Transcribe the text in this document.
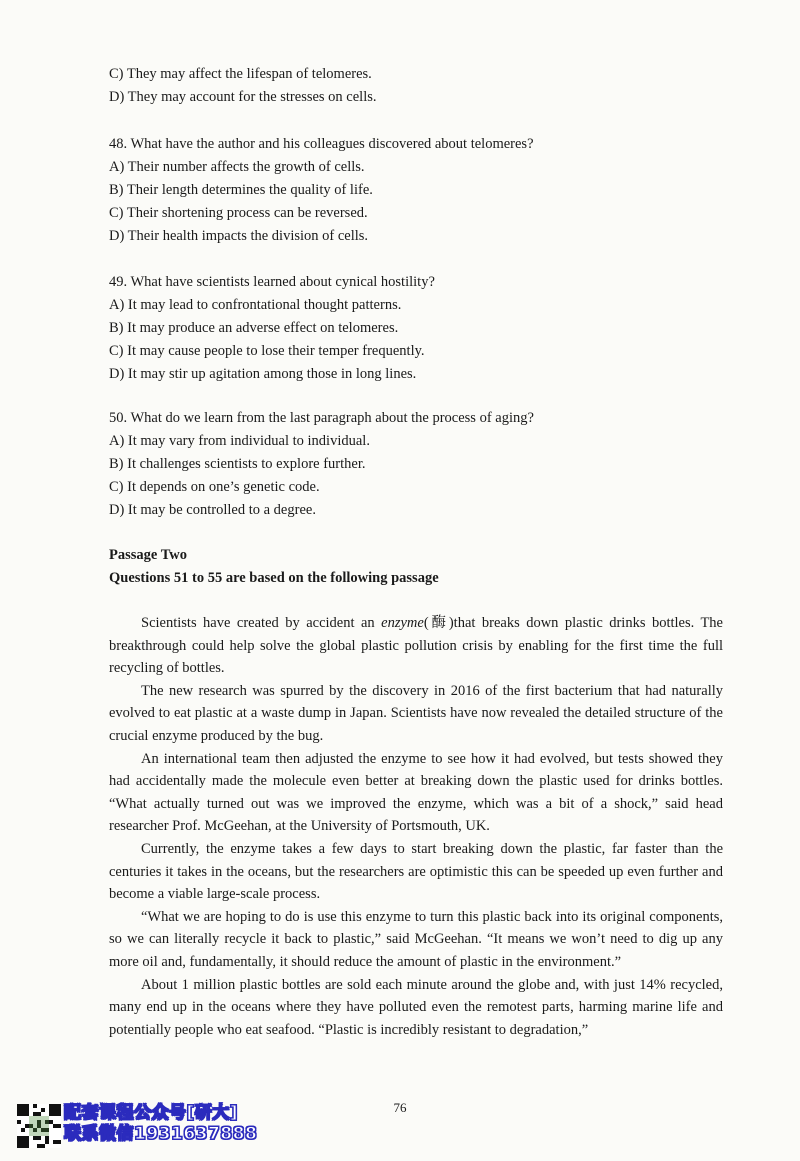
C) They may affect the lifespan of telomeres.
D) They may account for the stresses on cells.
48. What have the author and his colleagues discovered about telomeres?
A) Their number affects the growth of cells.
B) Their length determines the quality of life.
C) Their shortening process can be reversed.
D) Their health impacts the division of cells.
49. What have scientists learned about cynical hostility?
A) It may lead to confrontational thought patterns.
B) It may produce an adverse effect on telomeres.
C) It may cause people to lose their temper frequently.
D) It may stir up agitation among those in long lines.
50. What do we learn from the last paragraph about the process of aging?
A) It may vary from individual to individual.
B) It challenges scientists to explore further.
C) It depends on one’s genetic code.
D) It may be controlled to a degree.
Passage Two
Questions 51 to 55 are based on the following passage

Scientists have created by accident an enzyme(酶)that breaks down plastic drinks bottles. The breakthrough could help solve the global plastic pollution crisis by enabling for the first time the full recycling of bottles.

The new research was spurred by the discovery in 2016 of the first bacterium that had naturally evolved to eat plastic at a waste dump in Japan. Scientists have now revealed the detailed structure of the crucial enzyme produced by the bug.

An international team then adjusted the enzyme to see how it had evolved, but tests showed they had accidentally made the molecule even better at breaking down the plastic used for drinks bottles. “What actually turned out was we improved the enzyme, which was a bit of a shock,” said head researcher Prof. McGeehan, at the University of Portsmouth, UK.

Currently, the enzyme takes a few days to start breaking down the plastic, far faster than the centuries it takes in the oceans, but the researchers are optimistic this can be speeded up even further and become a viable large-scale process.

“What we are hoping to do is use this enzyme to turn this plastic back into its original components, so we can literally recycle it back to plastic,” said McGeehan. “It means we won’t need to dig up any more oil and, fundamentally, it should reduce the amount of plastic in the environment.”

About 1 million plastic bottles are sold each minute around the globe and, with just 14% recycled, many end up in the oceans where they have polluted even the remotest parts, harming marine life and potentially people who eat seafood. “Plastic is incredibly resistant to degradation,”

76
配套课程公众号[研大]
联系微信1931637888
